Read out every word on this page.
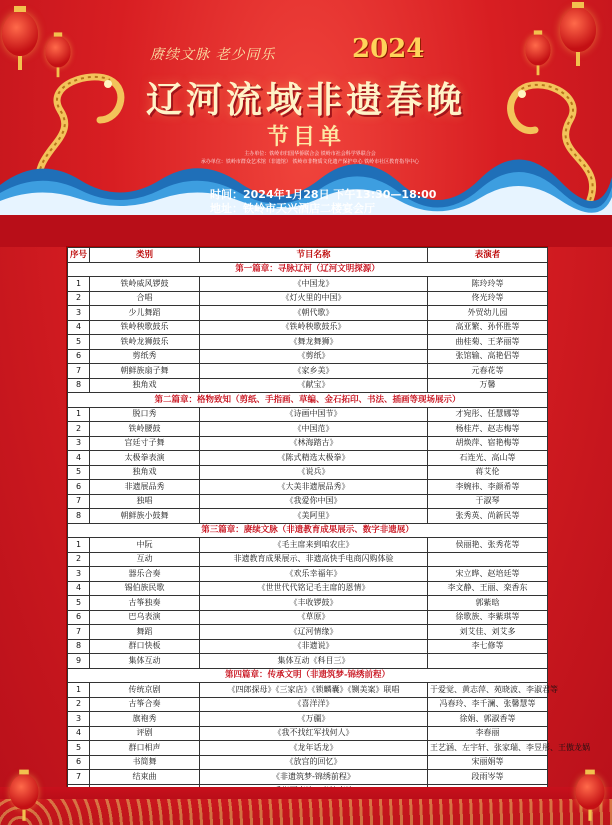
赓续文脉 老少同乐	2024
辽河流域非遗春晚
节目单
主办单位：铁岭市归国华侨联合会 铁岭市社会科学界联合会
承办单位：铁岭市群众艺术馆（非遗馆） 铁岭市非物质文化遗产保护中心 铁岭市社区教育指导中心
时间：2024年1月28日 下午13:30—18:00
地址：铁岭市天兴酒店二楼宴会厅
序号	类别	节目名称	表演者
第一篇章：寻脉辽河（辽河文明探源）			
1	铁岭威风锣鼓	《中国龙》	陈玲玲等
2	合唱	《灯火里的中国》	佟光玲等
3	少儿舞蹈	《朝代歌》	外贸幼儿园
4	铁岭秧歌鼓乐	《铁岭秧歌鼓乐》	高亚繁、孙怀胜等
5	铁岭龙狮鼓乐	《舞龙舞狮》	曲桂菊、王茅丽等
6	剪纸秀	《剪纸》	张馆输、高艳侣等
7	朝鲜族扇子舞	《家乡美》	元春花等
8	独角戏	《献宝》	万馨
第二篇章：格物致知（剪纸、手指画、草编、金石拓印、书法、插画等现场展示）			
1	脱口秀	《诗画中国节》	才宛彤、任慧娜等
2	铁岭腰鼓	《中国范》	杨桂芹、赵志梅等
3	宫廷寸子舞	《林海踏古》	胡焕萍、宿艳梅等
4	太极拳表演	《陈式精选太极拳》	石连光、高山等
5	独角戏	《说兵》	蒋艾伦
6	非遗展品秀	《大美非遗展品秀》	李婉祎、李颜希等
7	独唱	《我爱你中国》	于淑琴
8	朝鲜族小鼓舞	《美阿里》	张秀英、尚新民等
第三篇章：赓续文脉（非遗教育成果展示、数字非遗展）			
1	中阮	《毛主席来到咱农庄》	侯丽艳、张秀花等
2	互动	非遗教育成果展示、非遗高快手电商闪购体验	
3	器乐合奏	《欢乐幸福年》	宋立晔、赵培廷等
4	锡伯族民歌	《世世代代铭记毛主席的恩情》	李文静、王丽、栾香东
5	古筝独奏	《丰收锣鼓》	郭紫晗
6	巴乌表演	《草原》	徐歌族、李紫琪等
7	舞蹈	《辽河情缘》	刘艾佳、刘艾多
8	群口快板	《非遗说》	李七修等
9	集体互动	集体互动《科目三》	
第四篇章：传承文明（非遗筑梦-锦绣前程）			
1	传统京剧	《四郎探母》《三家店》《锁麟囊》《铡美案》联唱	于爱觉、黄志萍、苑晓波、李淑君等
2	古筝合奏	《喜洋洋》	冯春玲、李千澜、张馨慧等
3	旗袍秀	《万疆》	徐娟、郭淑香等
4	评剧	《我不找红军找何人》	李春丽
5	群口相声	《龙年话龙》	王艺涵、左宇轩、张家瑞、李昱彤、王傲龙娲
6	书简舞	《放宫的回忆》	宋丽娟等
7	结束曲	《非遗筑梦-锦绣前程》	段雨岑等
